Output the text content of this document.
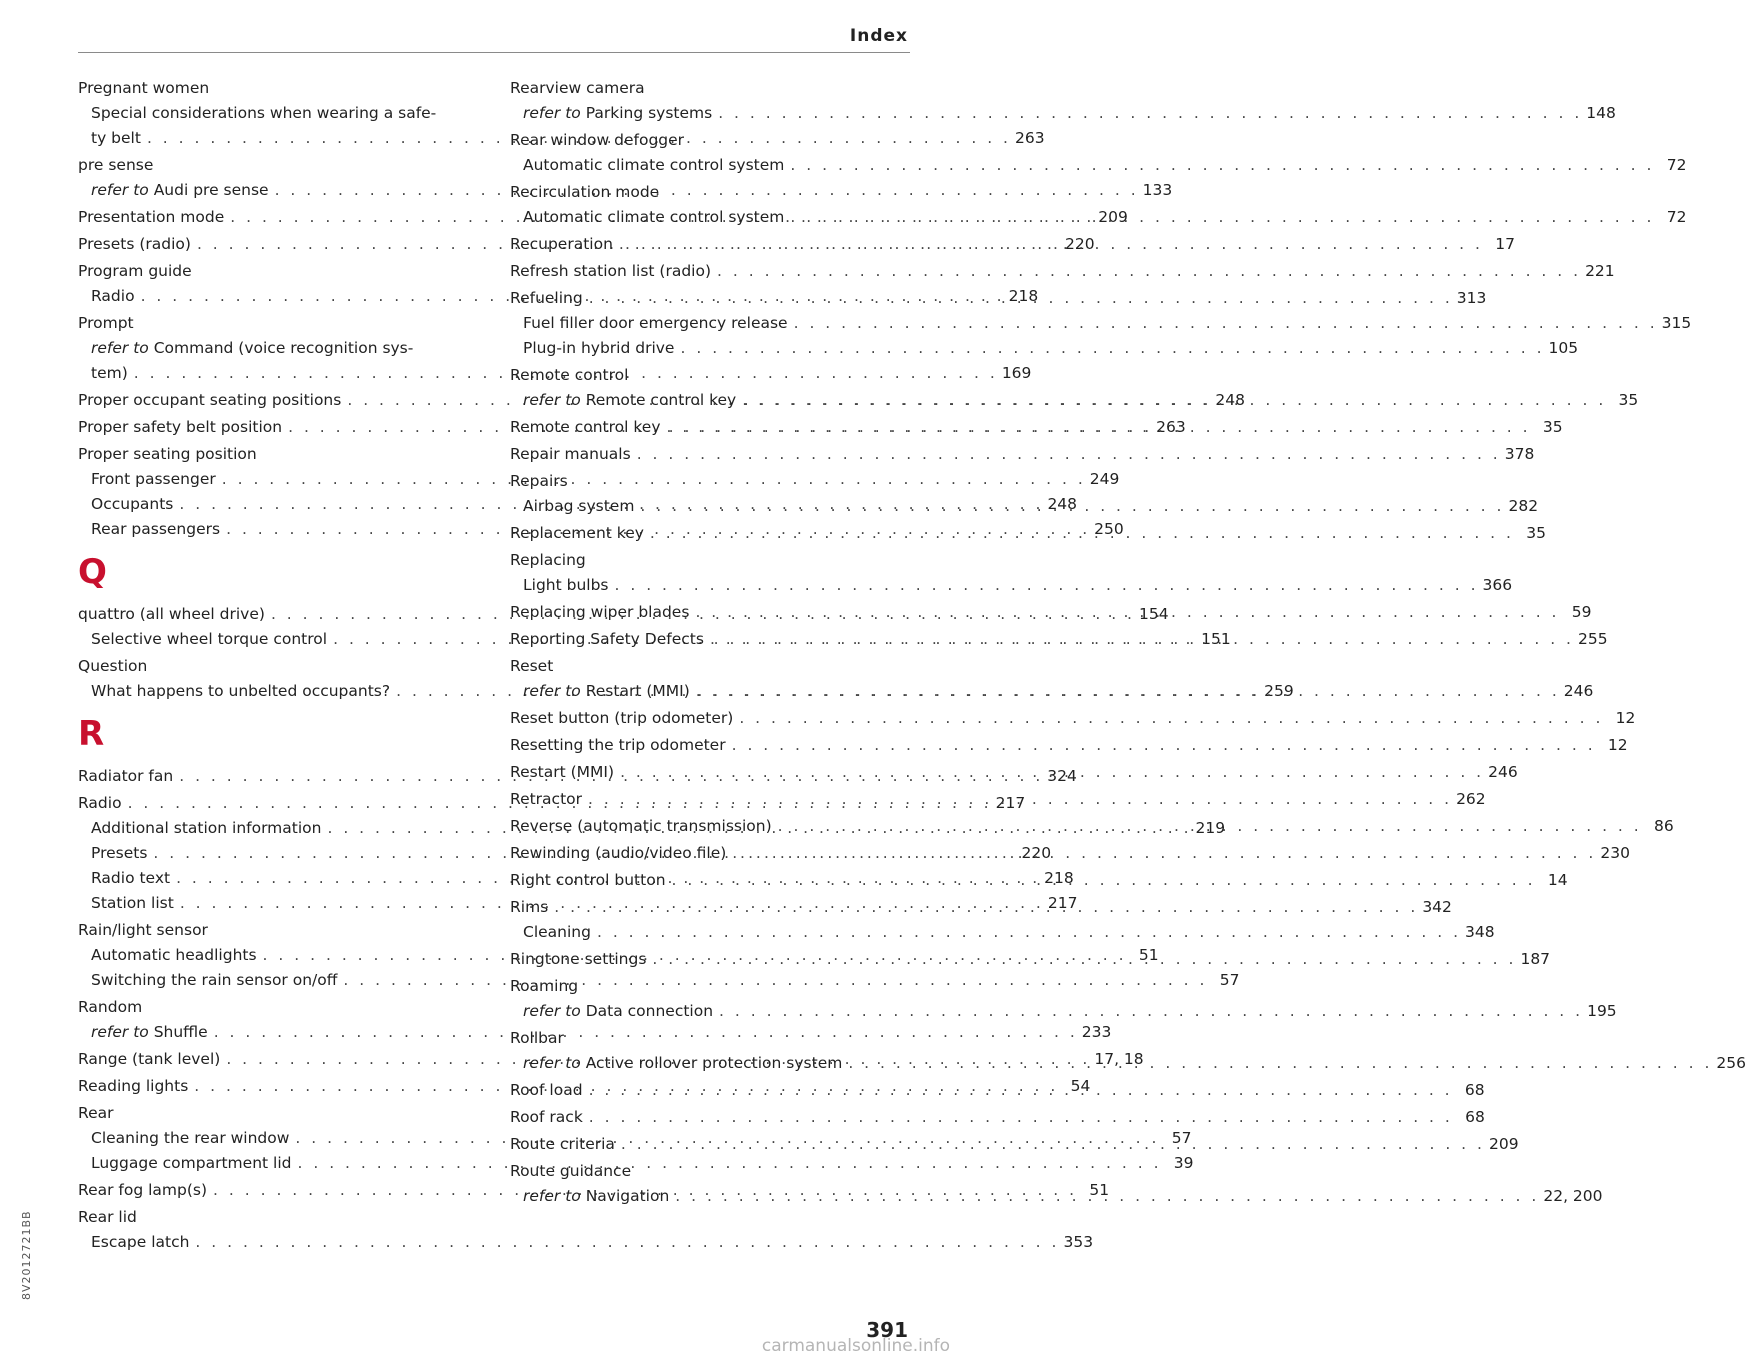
Index
Pregnant women
Special considerations when wearing a safe-
ty belt . . .	263
pre sense
refer to Audi pre sense . . .	133
Presentation mode . . .	209
Presets (radio) . . .	220
Program guide
Radio . . .	218
Prompt
refer to Command (voice recognition sys-
tem) . . .	169
Proper occupant seating positions . . .	248
Proper safety belt position . . .	263
Proper seating position
Front passenger . . .	249
Occupants . . .	248
Rear passengers . . .	250
Q
quattro (all wheel drive) . . .	154
Selective wheel torque control . . .	151
Question
What happens to unbelted occupants? . . .	259
R
Radiator fan . . .	324
Radio . . .	217
Additional station information . . .	219
Presets . . .	220
Radio text . . .	218
Station list . . .	217
Rain/light sensor
Automatic headlights . . .	51
Switching the rain sensor on/off . . .	57
Random
refer to Shuffle . . .	233
Range (tank level) . . .	17, 18
Reading lights . . .	54
Rear
Cleaning the rear window . . .	57
Luggage compartment lid . . .	39
Rear fog lamp(s) . . .	51
Rear lid
Escape latch . . .	353
Rearview camera
refer to Parking systems . . .	148
Rear window defogger
Automatic climate control system . . .	72
Recirculation mode
Automatic climate control system . . .	72
Recuperation . . .	17
Refresh station list (radio) . . .	221
Refueling . . .	313
Fuel filler door emergency release . . .	315
Plug-in hybrid drive . . .	105
Remote control
refer to Remote control key . . .	35
Remote control key . . .	35
Repair manuals . . .	378
Repairs
Airbag system . . .	282
Replacement key . . .	35
Replacing
Light bulbs . . .	366
Replacing wiper blades . . .	59
Reporting Safety Defects . . .	255
Reset
refer to Restart (MMI) . . .	246
Reset button (trip odometer) . . .	12
Resetting the trip odometer . . .	12
Restart (MMI) . . .	246
Retractor . . .	262
Reverse (automatic transmission) . . .	86
Rewinding (audio/video file) . . .	230
Right control button . . .	14
Rims . . .	342
Cleaning . . .	348
Ringtone settings . . .	187
Roaming
refer to Data connection . . .	195
Rollbar
refer to Active rollover protection system . . .	256
Roof load . . .	68
Roof rack . . .	68
Route criteria . . .	209
Route guidance
refer to Navigation . . .	22, 200
8V2012721BB
391
carmanualsonline.info
